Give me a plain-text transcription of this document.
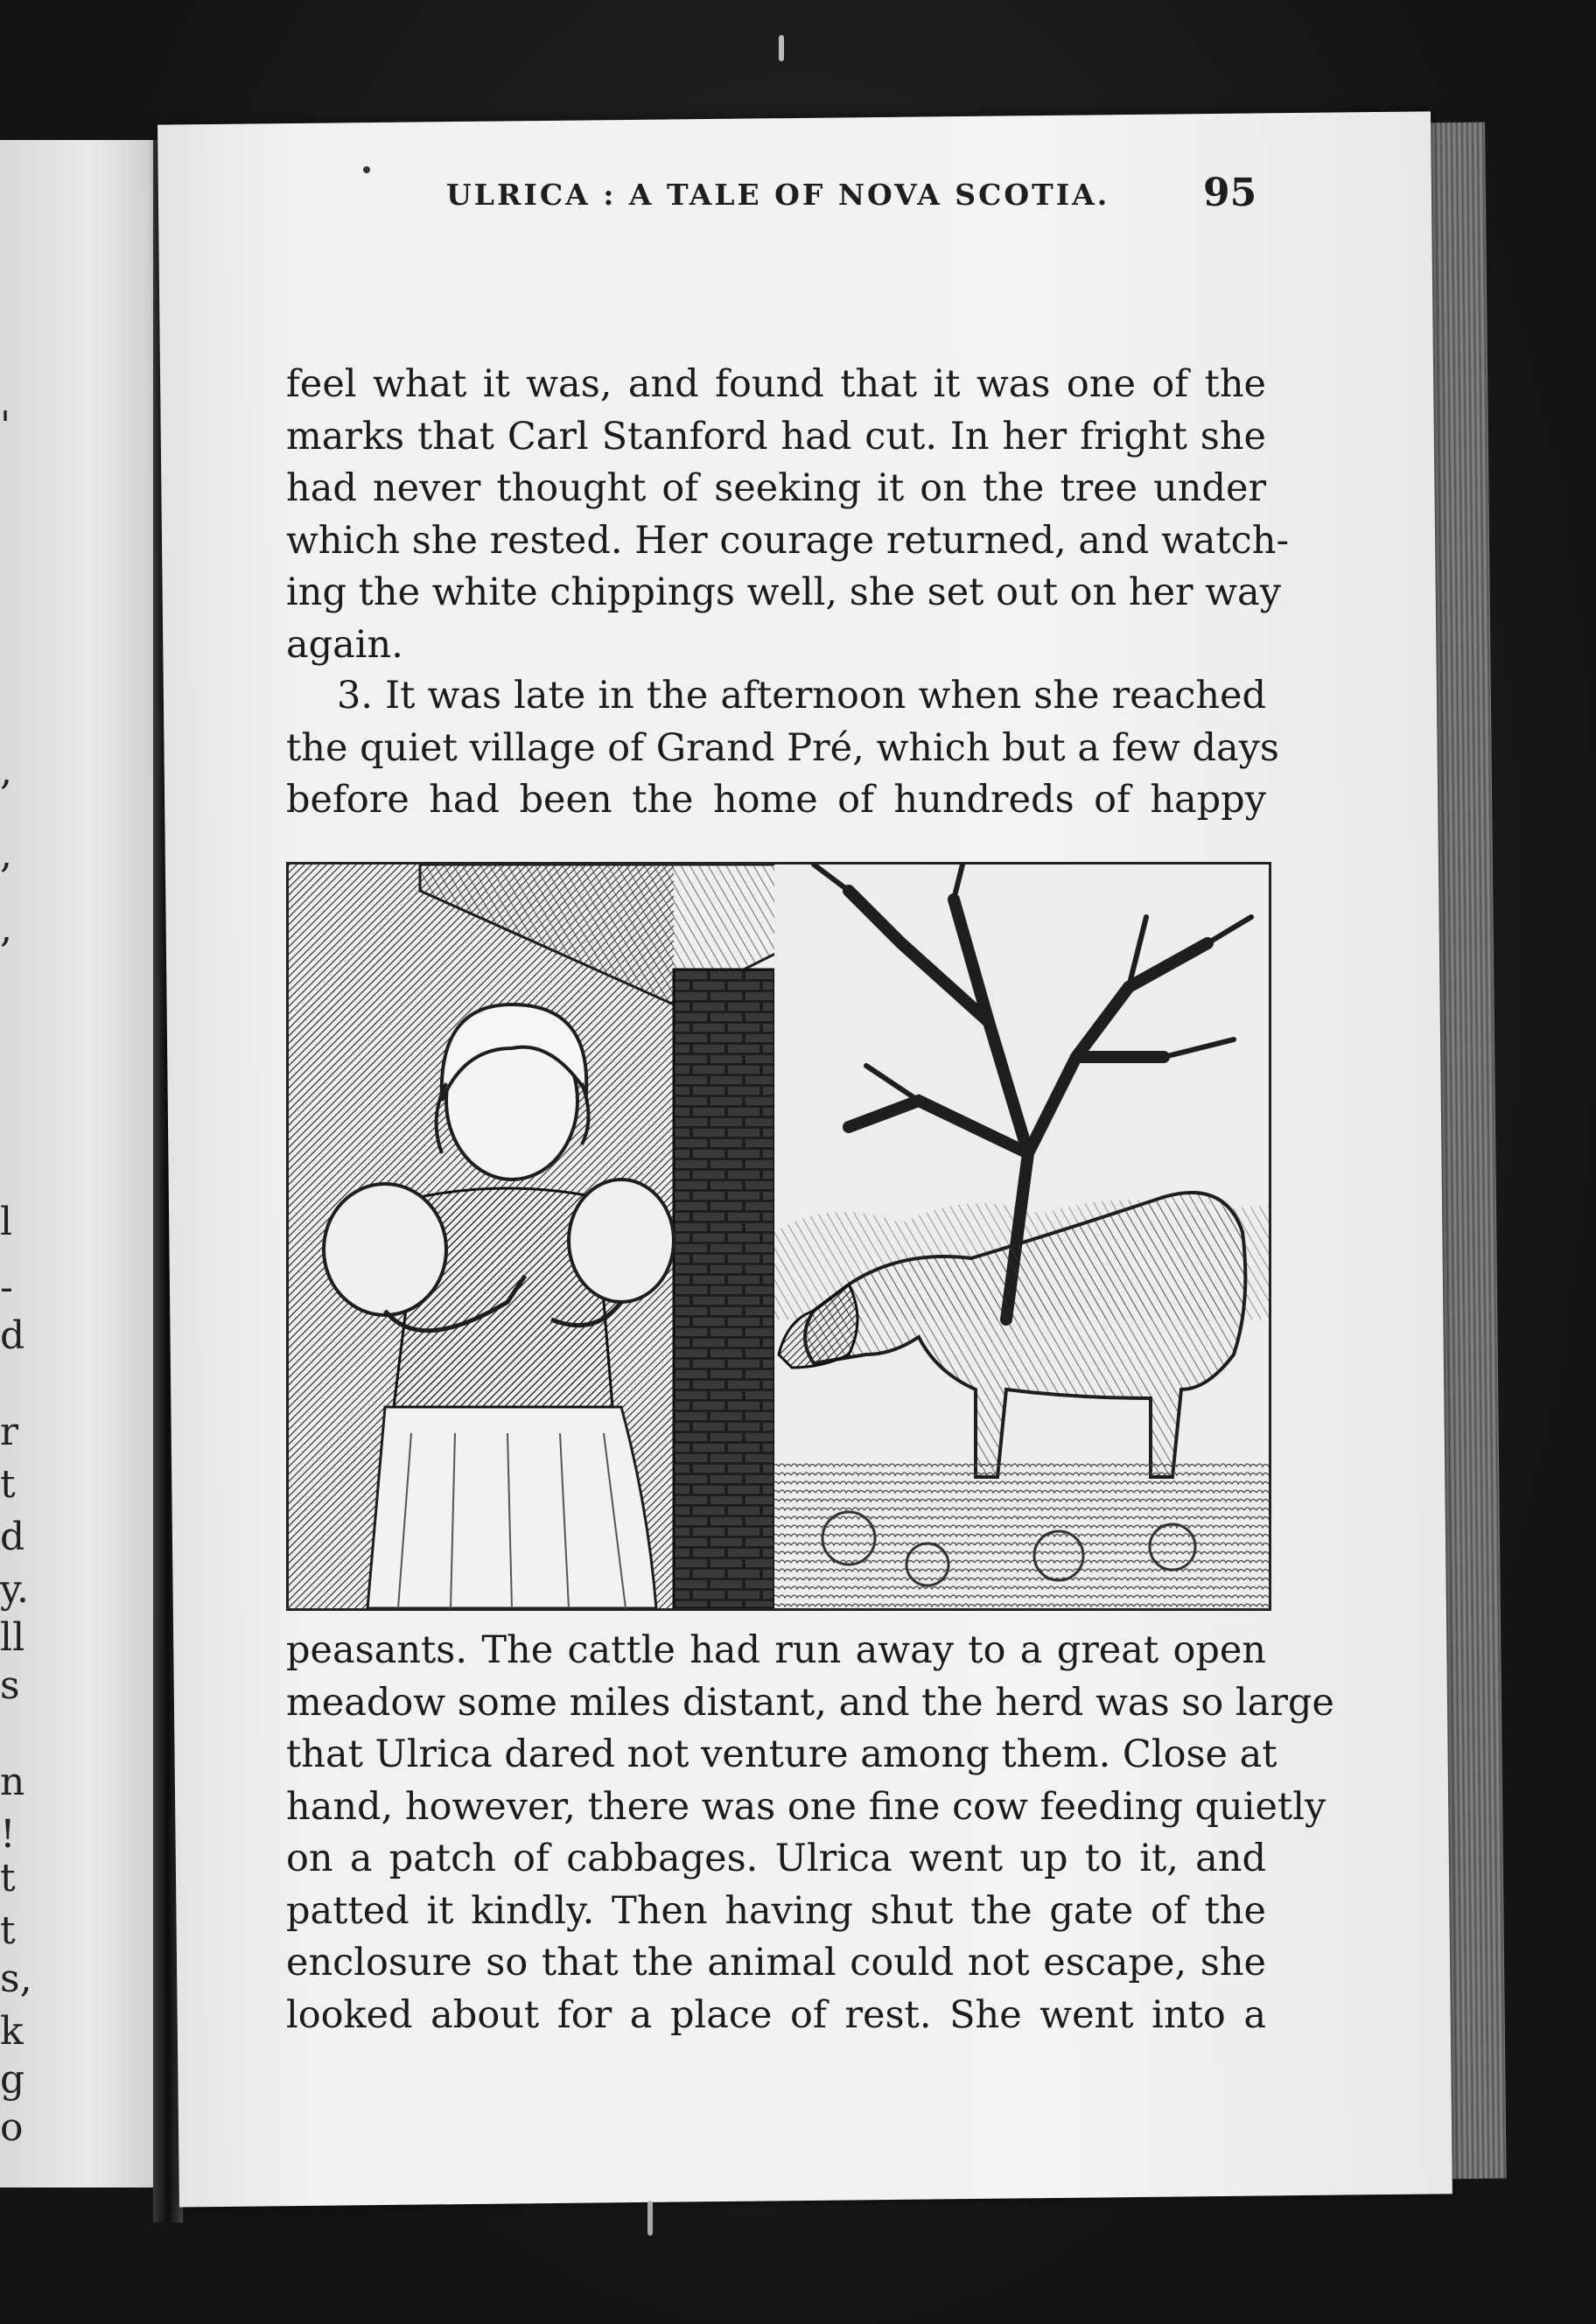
'
,
,
,
l
-
d
r
t
d
y.
ll
s
n
!
t
t
s,
k
g
o
ULRICA : A TALE OF NOVA SCOTIA. 95
feel what it was, and found that it was one of the
marks that Carl Stanford had cut. In her fright she
had never thought of seeking it on the tree under
which she rested. Her courage returned, and watch-
ing the white chippings well, she set out on her way
again.
3. It was late in the afternoon when she reached
the quiet village of Grand Pré, which but a few days
before had been the home of hundreds of happy
peasants. The cattle had run away to a great open
meadow some miles distant, and the herd was so large
that Ulrica dared not venture among them. Close at
hand, however, there was one fine cow feeding quietly
on a patch of cabbages. Ulrica went up to it, and
patted it kindly. Then having shut the gate of the
enclosure so that the animal could not escape, she
looked about for a place of rest. She went into a
